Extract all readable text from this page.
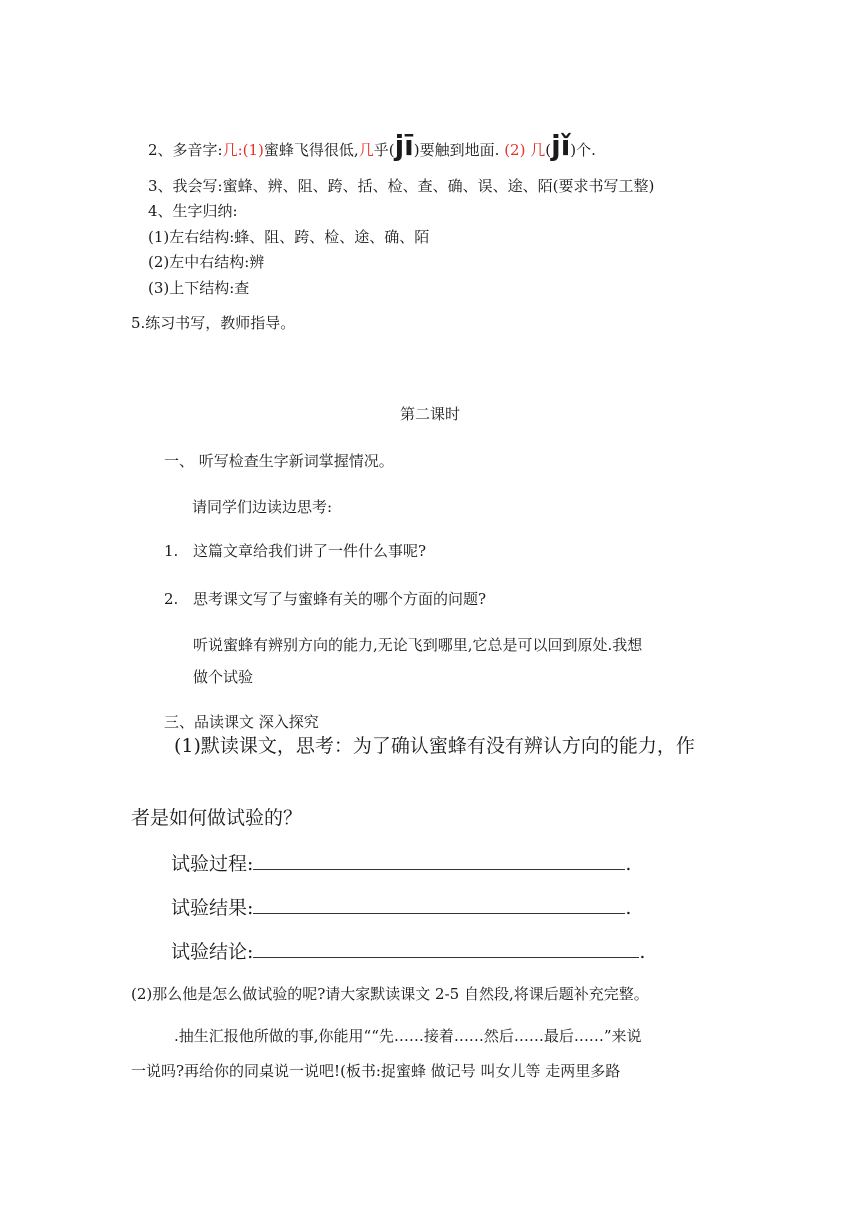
2、多音字:几:(1)蜜蜂飞得很低,几乎(jī)要触到地面. (2) 几(jǐ)个.
3、我会写:蜜蜂、辨、阻、跨、括、检、查、确、误、途、陌(要求书写工整)
4、生字归纳:
(1)左右结构:蜂、阻、跨、检、途、确、陌
(2)左中右结构:辨
(3)上下结构:查
5.练习书写，教师指导。
第二课时
一、 听写检查生字新词掌握情况。
请同学们边读边思考:
1. 这篇文章给我们讲了一件什么事呢?
2. 思考课文写了与蜜蜂有关的哪个方面的问题?
听说蜜蜂有辨别方向的能力,无论飞到哪里,它总是可以回到原处.我想
做个试验
三、品读课文 深入探究
(1)默读课文，思考：为了确认蜜蜂有没有辨认方向的能力，作
者是如何做试验的？
试验过程:	.
试验结果:	.
试验结论:	.
(2)那么他是怎么做试验的呢?请大家默读课文 2-5 自然段,将课后题补充完整。
.抽生汇报他所做的事,你能用““先……接着……然后……最后……”来说
一说吗?再给你的同桌说一说吧!(板书:捉蜜蜂 做记号 叫女儿等 走两里多路
